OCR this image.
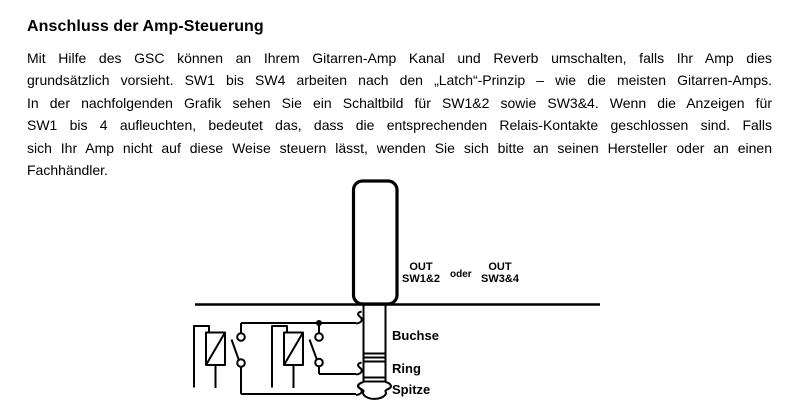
Anschluss der Amp-Steuerung
Mit Hilfe des GSC können an Ihrem Gitarren-Amp Kanal und Reverb umschalten, falls Ihr Amp dies
grundsätzlich vorsieht. SW1 bis SW4 arbeiten nach den „Latch“-Prinzip – wie die meisten Gitarren-Amps.
In der nachfolgenden Grafik sehen Sie ein Schaltbild für SW1&2 sowie SW3&4. Wenn die Anzeigen für
SW1 bis 4 aufleuchten, bedeutet das, dass die entsprechenden Relais-Kontakte geschlossen sind. Falls
sich Ihr Amp nicht auf diese Weise steuern lässt, wenden Sie sich bitte an seinen Hersteller oder an einen
Fachhändler.
OUT
SW1&2	oder
OUT
SW3&4
Buchse
Ring
Spitze
